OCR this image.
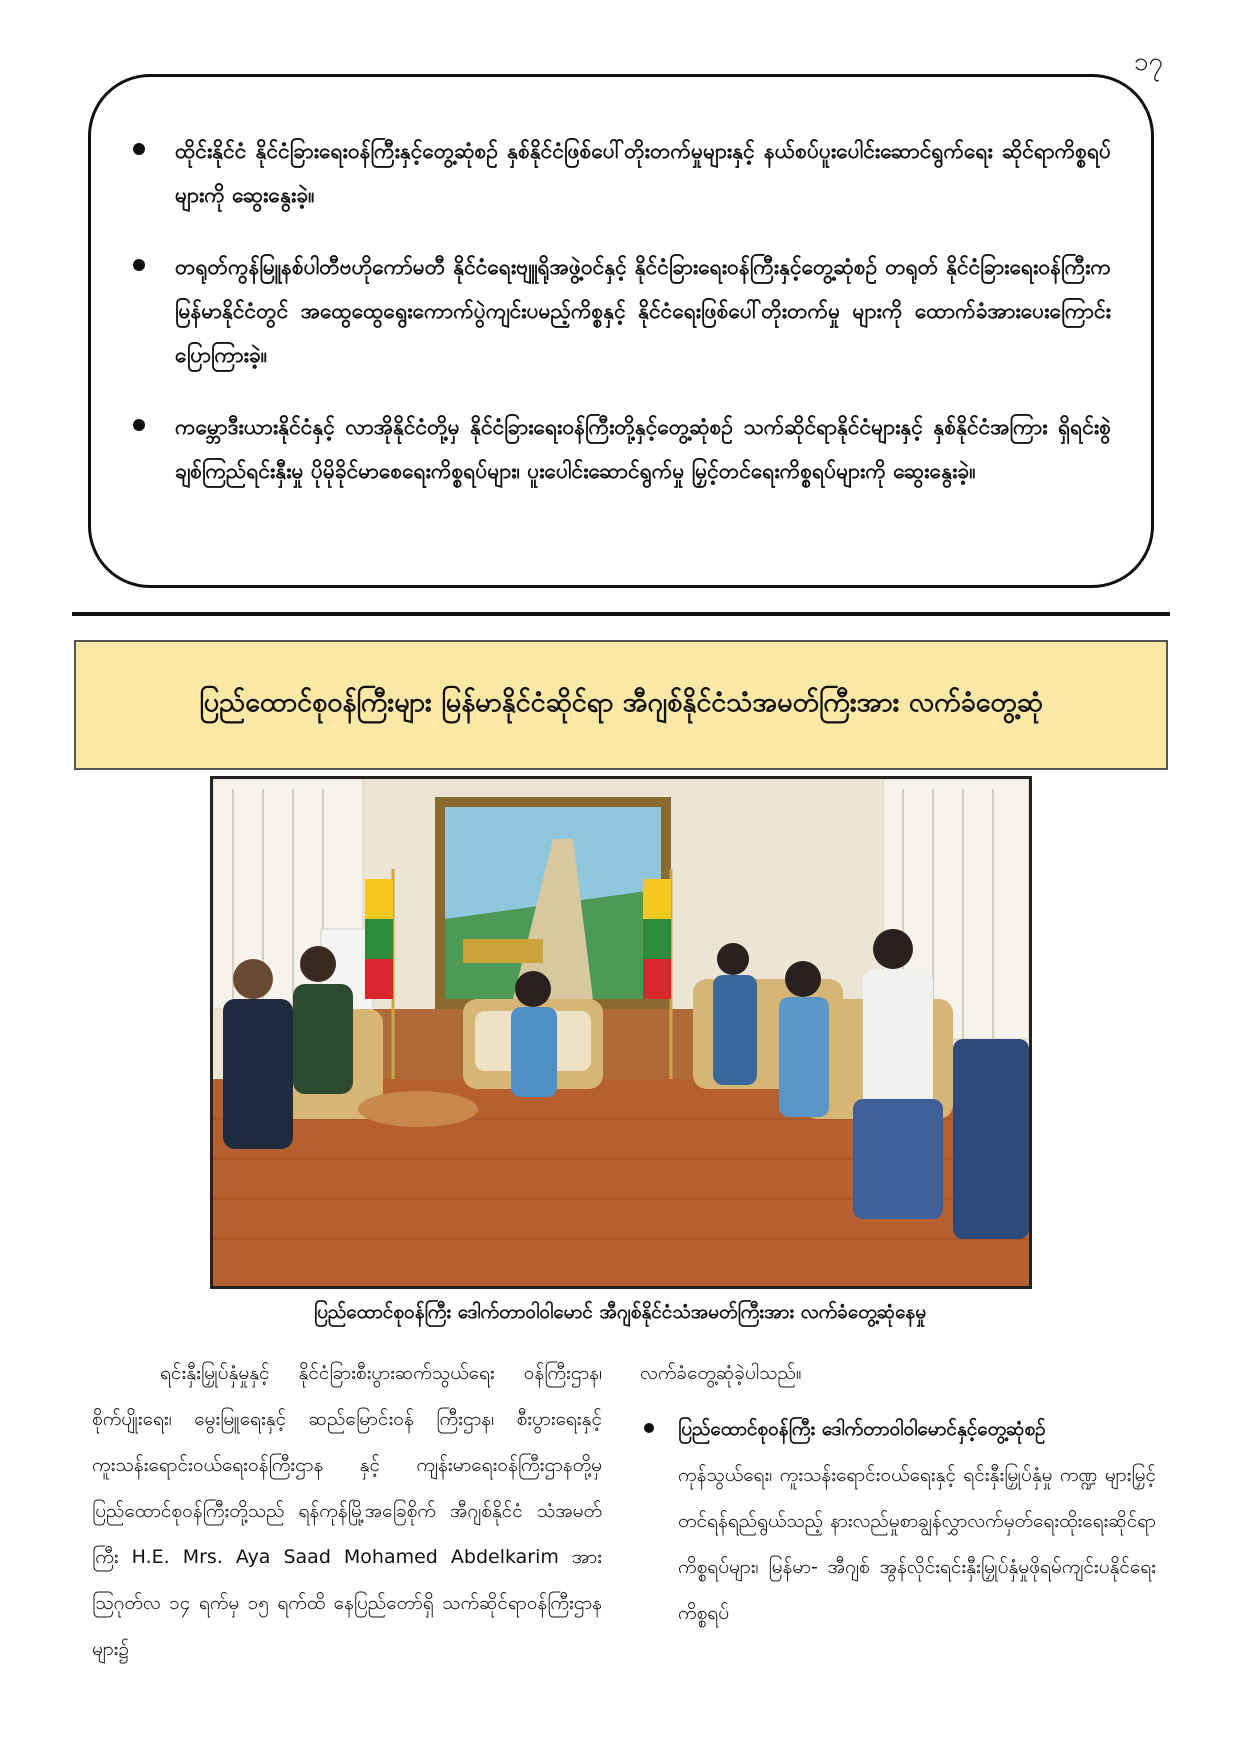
၁၇
ထိုင်းနိုင်ငံ နိုင်ငံခြားရေးဝန်ကြီးနှင့်တွေ့ဆုံစဉ် နှစ်နိုင်ငံဖြစ်ပေါ်တိုးတက်မှုများနှင့် နယ်စပ်ပူးပေါင်းဆောင်ရွက်ရေး ဆိုင်ရာကိစ္စရပ်များကို ဆွေးနွေးခဲ့။
တရုတ်ကွန်မြူနစ်ပါတီဗဟိုကော်မတီ နိုင်ငံရေးဗျူရိုအဖွဲ့ဝင်နှင့် နိုင်ငံခြားရေးဝန်ကြီးနှင့်တွေ့ဆုံစဉ် တရုတ် နိုင်ငံခြားရေးဝန်ကြီးက မြန်မာနိုင်ငံတွင် အထွေထွေရွေးကောက်ပွဲကျင်းပမည့်ကိစ္စနှင့် နိုင်ငံရေးဖြစ်ပေါ်တိုးတက်မှု များကို ထောက်ခံအားပေးကြောင်း ပြောကြားခဲ့။
ကမ္ဘောဒီးယားနိုင်ငံနှင့် လာအိုနိုင်ငံတို့မှ နိုင်ငံခြားရေးဝန်ကြီးတို့နှင့်တွေ့ဆုံစဉ် သက်ဆိုင်ရာနိုင်ငံများနှင့် နှစ်နိုင်ငံအကြား ရှိရင်းစွဲချစ်ကြည်ရင်းနှီးမှု ပိုမိုခိုင်မာစေရေးကိစ္စရပ်များ၊ ပူးပေါင်းဆောင်ရွက်မှု မြှင့်တင်ရေးကိစ္စရပ်များကို ဆွေးနွေးခဲ့။
ပြည်ထောင်စုဝန်ကြီးများ မြန်မာနိုင်ငံဆိုင်ရာ အီဂျစ်နိုင်ငံသံအမတ်ကြီးအား လက်ခံတွေ့ဆုံ
ပြည်ထောင်စုဝန်ကြီး ဒေါက်တာဝါဝါမောင် အီဂျစ်နိုင်ငံသံအမတ်ကြီးအား လက်ခံတွေ့ဆုံနေမှု

ရင်းနှီးမြှုပ်နှံမှုနှင့် နိုင်ငံခြားစီးပွားဆက်သွယ်ရေး ဝန်ကြီးဌာန၊ စိုက်ပျိုးရေး၊ မွေးမြူရေးနှင့် ဆည်မြောင်းဝန် ကြီးဌာန၊ စီးပွားရေးနှင့်ကူးသန်းရောင်းဝယ်ရေးဝန်ကြီးဌာန နှင့် ကျန်းမာရေးဝန်ကြီးဌာနတို့မှ ပြည်ထောင်စုဝန်ကြီးတို့သည် ရန်ကုန်မြို့အခြေစိုက် အီဂျစ်နိုင်ငံ သံအမတ်ကြီး H.E. Mrs. Aya Saad Mohamed Abdelkarim အား ဩဂုတ်လ ၁၄ ရက်မှ ၁၅ ရက်ထိ နေပြည်တော်ရှိ သက်ဆိုင်ရာဝန်ကြီးဌာနများ၌

လက်ခံတွေ့ဆုံခဲ့ပါသည်။

ပြည်ထောင်စုဝန်ကြီး ဒေါက်တာဝါဝါမောင်နှင့်တွေ့ဆုံစဉ်
ကုန်သွယ်ရေး၊ ကူးသန်းရောင်းဝယ်ရေးနှင့် ရင်းနှီးမြှုပ်နှံမှု ကဏ္ဍ များမြှင့်တင်ရန်ရည်ရွယ်သည့် နားလည်မှုစာချွန်လွှာလက်မှတ်ရေးထိုးရေးဆိုင်ရာကိစ္စရပ်များ၊ မြန်မာ- အီဂျစ် အွန်လိုင်းရင်းနှီးမြှုပ်နှံမှုဖိုရမ်ကျင်းပနိုင်ရေးကိစ္စရပ်
